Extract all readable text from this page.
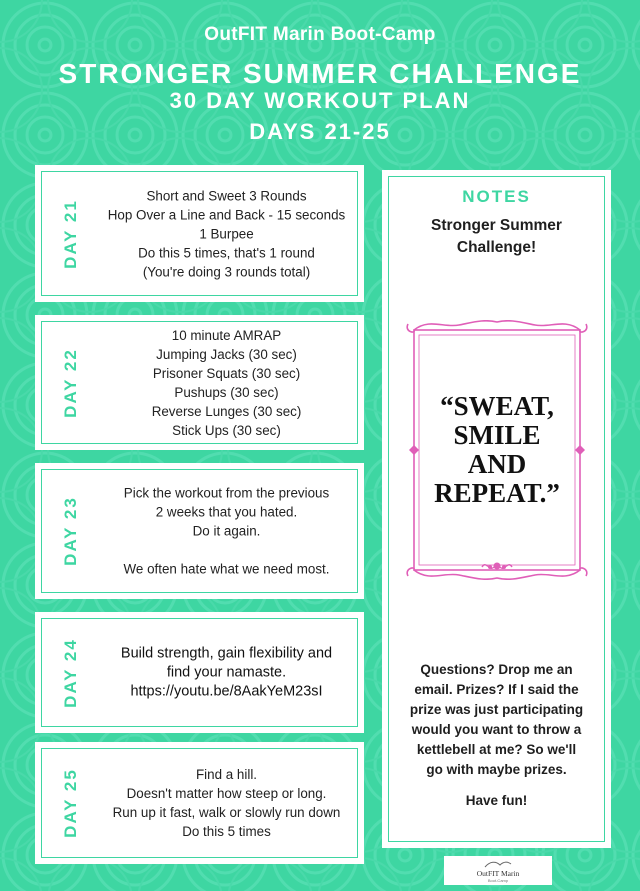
OutFIT Marin Boot-Camp
STRONGER SUMMER CHALLENGE
30 DAY WORKOUT PLAN
DAYS 21-25
DAY 21
Short and Sweet 3 Rounds
Hop Over a Line and Back - 15 seconds
1 Burpee
Do this 5 times, that's 1 round
(You're doing 3 rounds total)
DAY 22
10 minute AMRAP
Jumping Jacks (30 sec)
Prisoner Squats (30 sec)
Pushups (30 sec)
Reverse Lunges (30 sec)
Stick Ups (30 sec)
DAY 23
Pick the workout from the previous
2 weeks that you hated.
Do it again.
We often hate what we need most.
DAY 24	Build strength, gain flexibility and
find your namaste.
https://youtu.be/8AakYeM23sI
DAY 25	Find a hill.
Doesn't matter how steep or long.
Run up it fast, walk or slowly run down
Do this 5 times
NOTES
Stronger Summer
Challenge!
“SWEAT,
SMILE
AND
REPEAT.”
Questions? Drop me an
email. Prizes? If I said the
prize was just participating
would you want to throw a
kettlebell at me? So we'll
go with maybe prizes.
Have fun!
OutFIT Marin
Boot-Camp
